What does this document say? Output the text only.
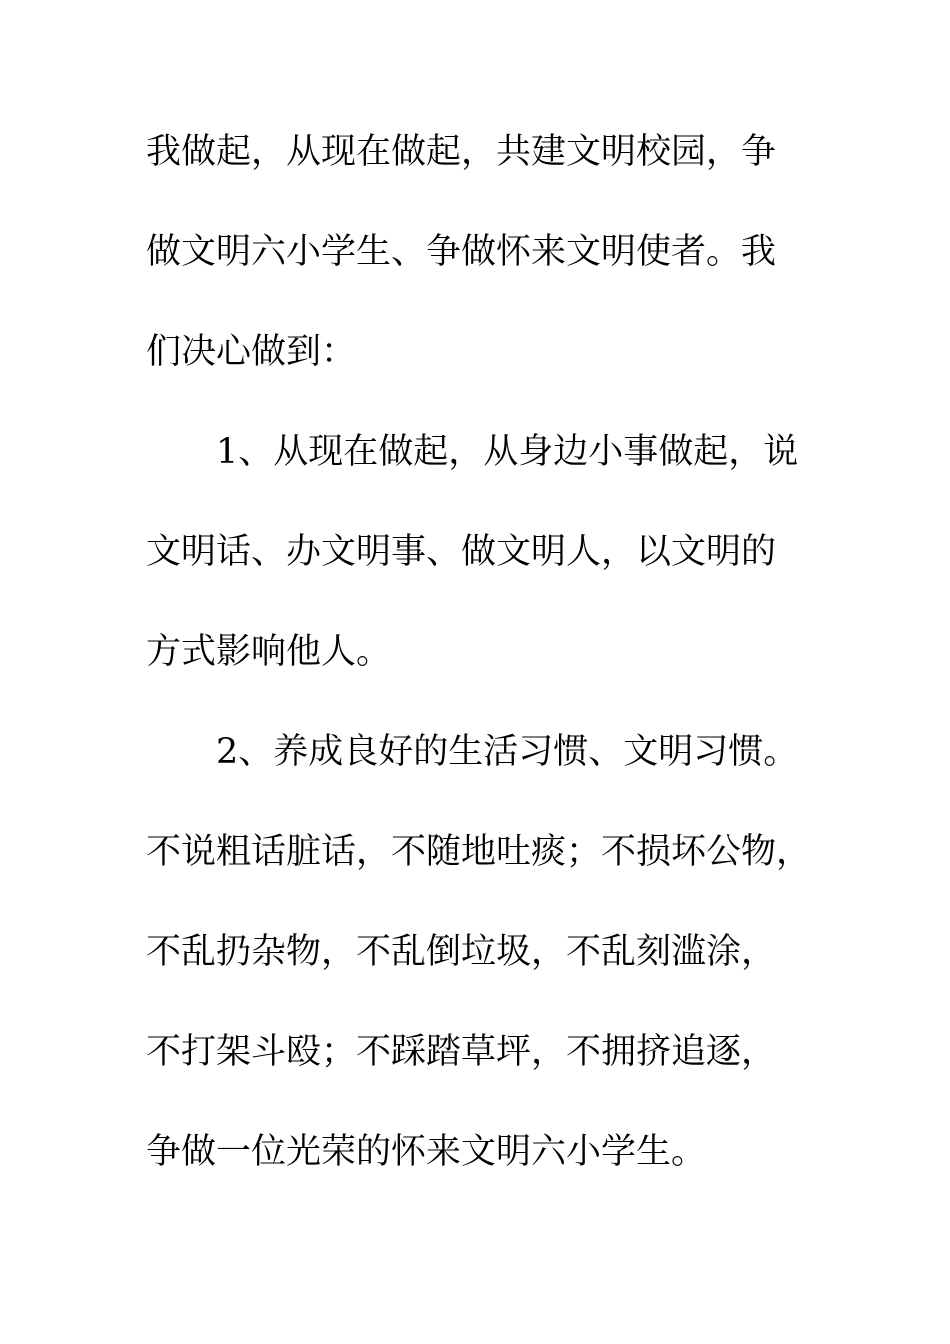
我做起，从现在做起，共建文明校园，争
做文明六小学生、争做怀来文明使者。我
们决心做到：
1、从现在做起，从身边小事做起，说
文明话、办文明事、做文明人，以文明的
方式影响他人。
2、养成良好的生活习惯、文明习惯。
不说粗话脏话，不随地吐痰；不损坏公物，
不乱扔杂物，不乱倒垃圾，不乱刻滥涂，
不打架斗殴；不踩踏草坪，不拥挤追逐，
争做一位光荣的怀来文明六小学生。
